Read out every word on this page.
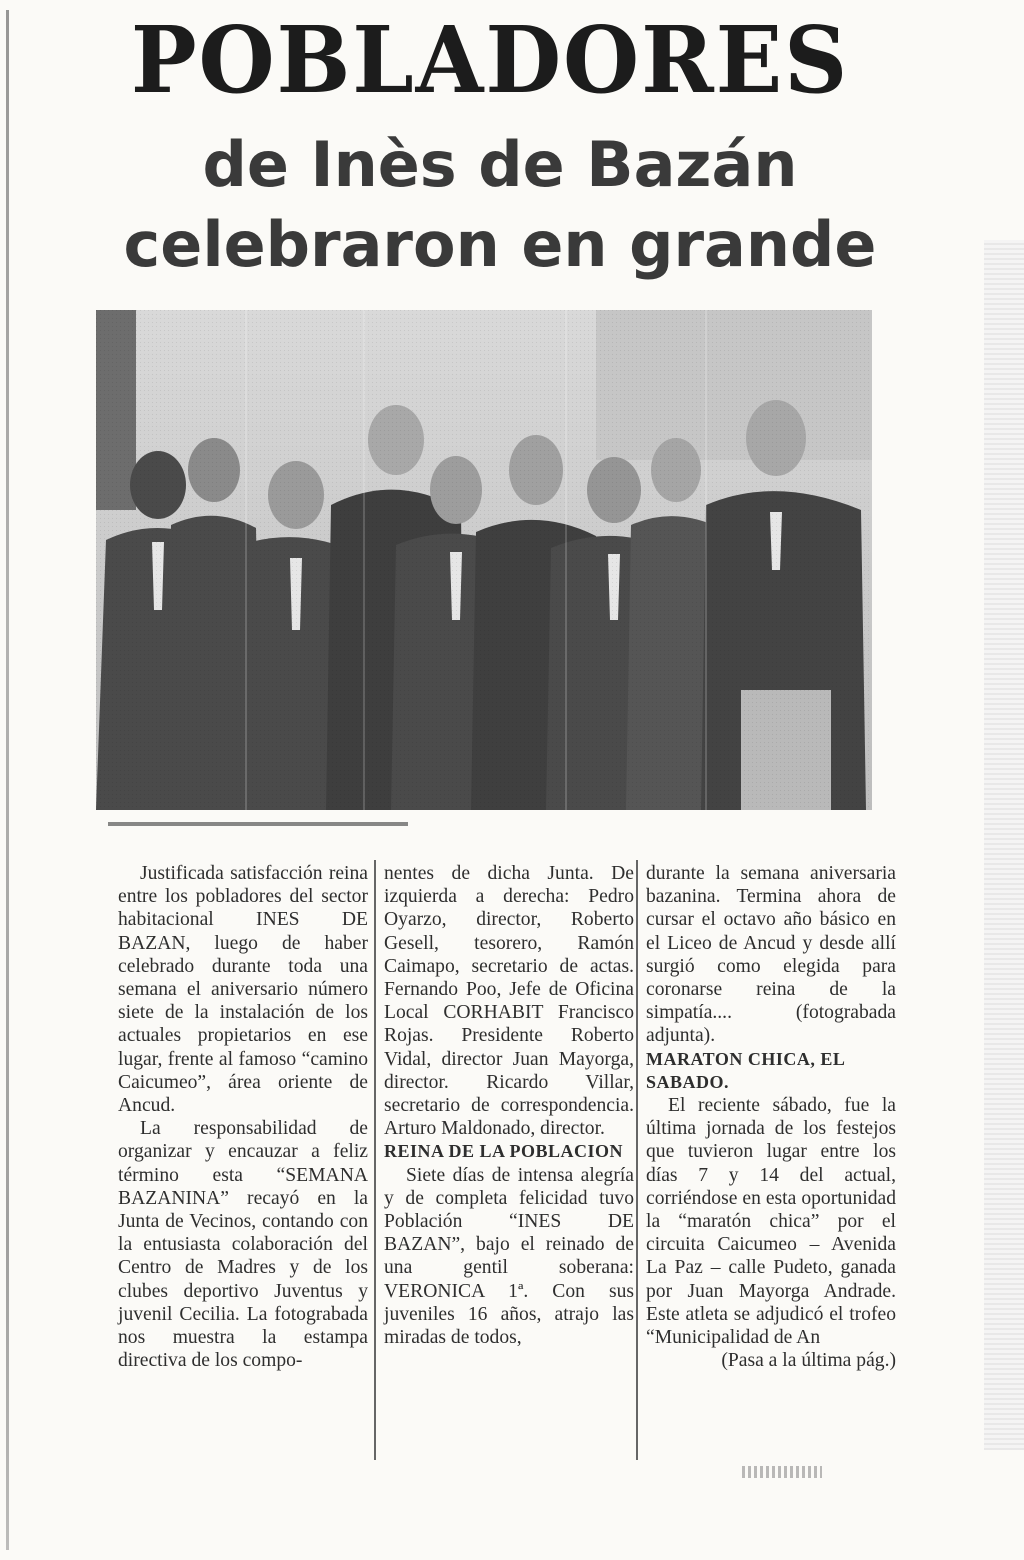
POBLADORES
de Inès de Bazán
celebraron en grande

Justificada satisfacción reina entre los pobladores del sector habitacional INES DE BAZAN, luego de haber celebrado durante toda una semana el aniversario número siete de la instalación de los actuales propietarios en ese lugar, frente al famoso “camino Caicumeo”, área oriente de Ancud.

La responsabilidad de organizar y encauzar a feliz término esta “SEMANA BAZANINA” recayó en la Junta de Vecinos, contando con la entusiasta colaboración del Centro de Madres y de los clubes deportivo Juventus y juvenil Cecilia. La fotograbada nos muestra la estampa directiva de los compo-

nentes de dicha Junta. De izquierda a derecha: Pedro Oyarzo, director, Roberto Gesell, tesorero, Ramón Caimapo, secretario de actas. Fernando Poo, Jefe de Oficina Local CORHABIT Francisco Rojas. Presidente Roberto Vidal, director Juan Mayorga, director. Ricardo Villar, secretario de correspondencia. Arturo Maldonado, director.

REINA DE LA POBLACION

Siete días de intensa alegría y de completa felicidad tuvo Población “INES DE BAZAN”, bajo el reinado de una gentil soberana: VERONICA 1ª. Con sus juveniles 16 años, atrajo las miradas de todos,

durante la semana aniversaria bazanina. Termina ahora de cursar el octavo año básico en el Liceo de Ancud y desde allí surgió como elegida para coronarse reina de la simpatía.... (fotograbada adjunta).

MARATON CHICA, EL SABADO.

El reciente sábado, fue la última jornada de los festejos que tuvieron lugar entre los días 7 y 14 del actual, corriéndose en esta oportunidad la “maratón chica” por el circuita Caicumeo – Avenida La Paz – calle Pudeto, ganada por Juan Mayorga Andrade. Este atleta se adjudicó el trofeo “Municipalidad de An

(Pasa a la última pág.)
